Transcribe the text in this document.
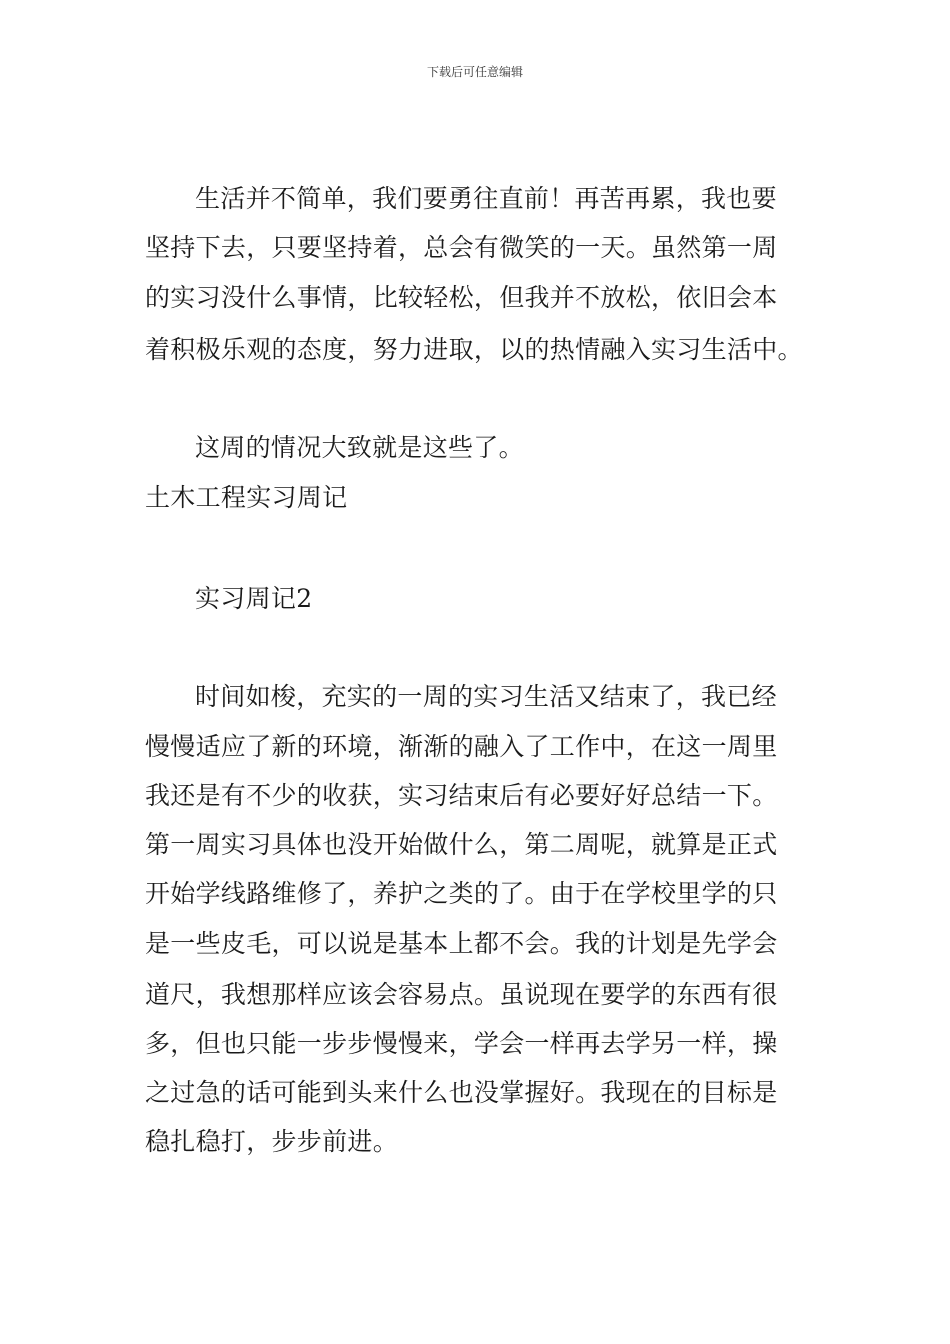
下载后可任意编辑
生活并不简单，我们要勇往直前！再苦再累，我也要
坚持下去，只要坚持着，总会有微笑的一天。虽然第一周
的实习没什么事情，比较轻松，但我并不放松，依旧会本
着积极乐观的态度，努力进取，以的热情融入实习生活中。
这周的情况大致就是这些了。
土木工程实习周记
实习周记2
时间如梭，充实的一周的实习生活又结束了，我已经
慢慢适应了新的环境，渐渐的融入了工作中，在这一周里
我还是有不少的收获，实习结束后有必要好好总结一下。
第一周实习具体也没开始做什么，第二周呢，就算是正式
开始学线路维修了，养护之类的了。由于在学校里学的只
是一些皮毛，可以说是基本上都不会。我的计划是先学会
道尺，我想那样应该会容易点。虽说现在要学的东西有很
多，但也只能一步步慢慢来，学会一样再去学另一样，操
之过急的话可能到头来什么也没掌握好。我现在的目标是
稳扎稳打，步步前进。
